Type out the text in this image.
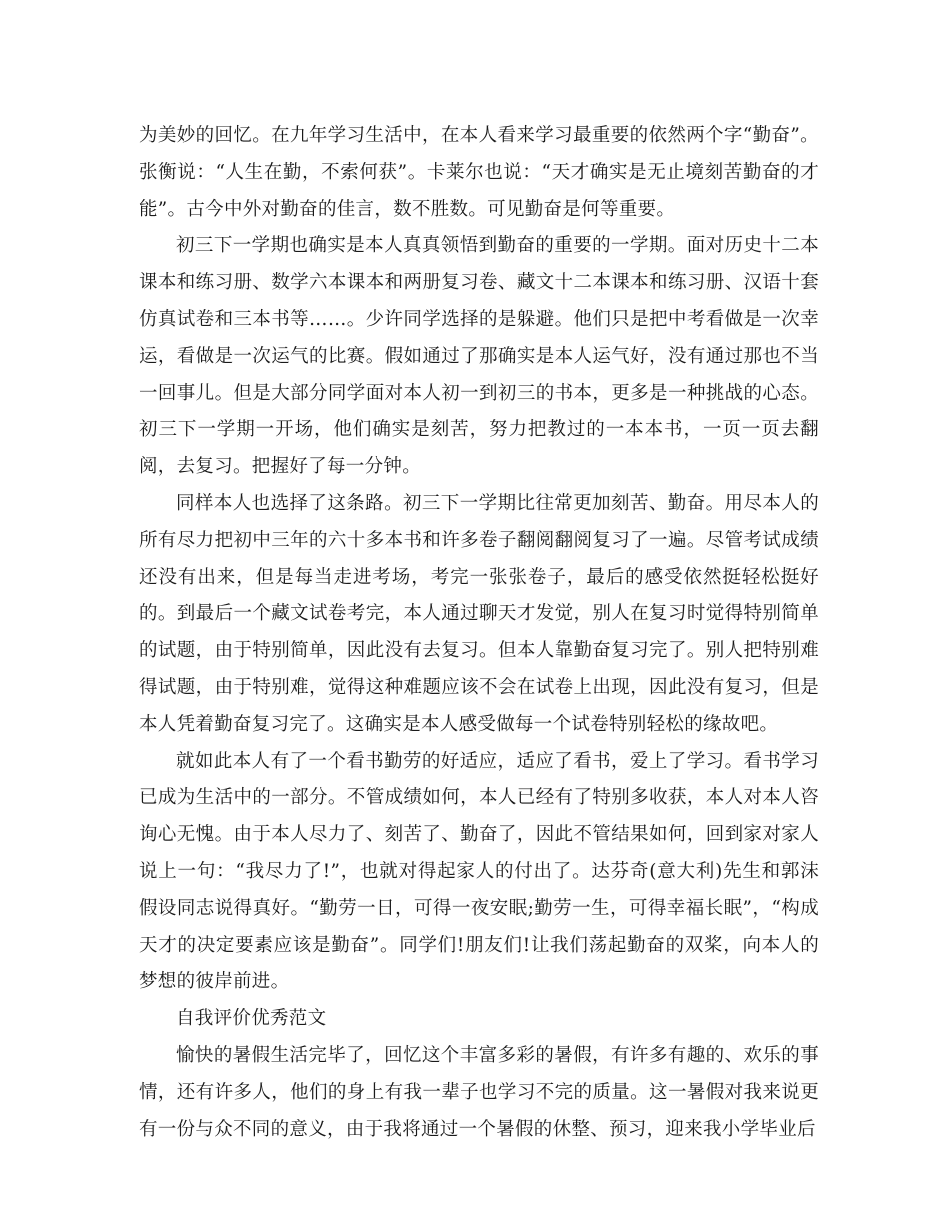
为美妙的回忆。在九年学习生活中，在本人看来学习最重要的依然两个字“勤奋”。张衡说：“人生在勤，不索何获”。卡莱尔也说：“天才确实是无止境刻苦勤奋的才能”。古今中外对勤奋的佳言，数不胜数。可见勤奋是何等重要。

初三下一学期也确实是本人真真领悟到勤奋的重要的一学期。面对历史十二本课本和练习册、数学六本课本和两册复习卷、藏文十二本课本和练习册、汉语十套仿真试卷和三本书等……。少许同学选择的是躲避。他们只是把中考看做是一次幸运，看做是一次运气的比赛。假如通过了那确实是本人运气好，没有通过那也不当一回事儿。但是大部分同学面对本人初一到初三的书本，更多是一种挑战的心态。初三下一学期一开场，他们确实是刻苦，努力把教过的一本本书，一页一页去翻阅，去复习。把握好了每一分钟。

同样本人也选择了这条路。初三下一学期比往常更加刻苦、勤奋。用尽本人的所有尽力把初中三年的六十多本书和许多卷子翻阅翻阅复习了一遍。尽管考试成绩还没有出来，但是每当走进考场，考完一张张卷子，最后的感受依然挺轻松挺好的。到最后一个藏文试卷考完，本人通过聊天才发觉，别人在复习时觉得特别简单的试题，由于特别简单，因此没有去复习。但本人靠勤奋复习完了。别人把特别难得试题，由于特别难，觉得这种难题应该不会在试卷上出现，因此没有复习，但是本人凭着勤奋复习完了。这确实是本人感受做每一个试卷特别轻松的缘故吧。

就如此本人有了一个看书勤劳的好适应，适应了看书，爱上了学习。看书学习已成为生活中的一部分。不管成绩如何，本人已经有了特别多收获，本人对本人咨询心无愧。由于本人尽力了、刻苦了、勤奋了，因此不管结果如何，回到家对家人说上一句：“我尽力了!”，也就对得起家人的付出了。达芬奇(意大利)先生和郭沫假设同志说得真好。“勤劳一日，可得一夜安眠;勤劳一生，可得幸福长眠”，“构成天才的决定要素应该是勤奋”。同学们!朋友们!让我们荡起勤奋的双桨，向本人的梦想的彼岸前进。

自我评价优秀范文

愉快的暑假生活完毕了，回忆这个丰富多彩的暑假，有许多有趣的、欢乐的事情，还有许多人，他们的身上有我一辈子也学习不完的质量。这一暑假对我来说更有一份与众不同的意义，由于我将通过一个暑假的休整、预习，迎来我小学毕业后
